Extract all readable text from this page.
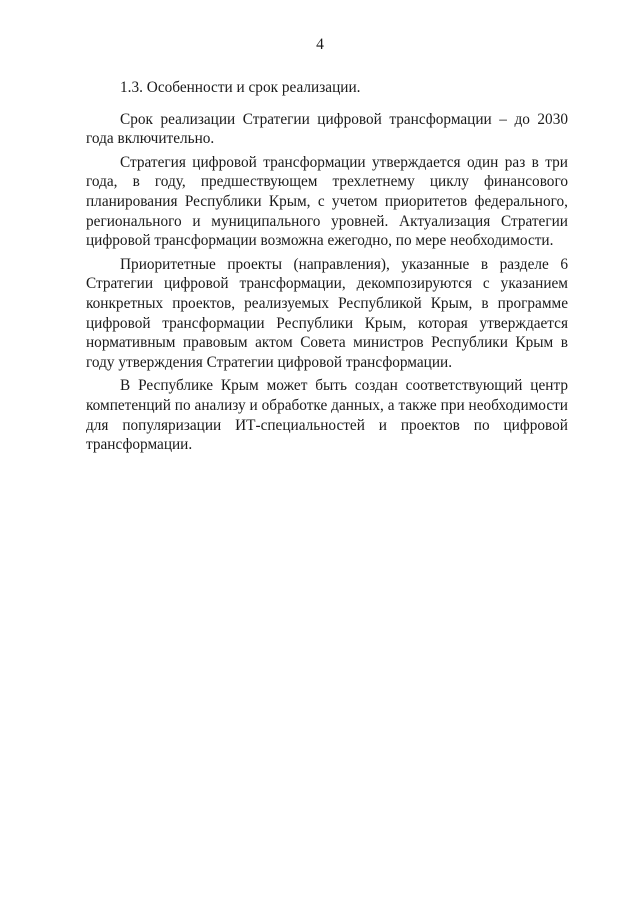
4

1.3. Особенности и срок реализации.

Срок реализации Стратегии цифровой трансформации – до 2030 года включительно.

Стратегия цифровой трансформации утверждается один раз в три года, в году, предшествующем трехлетнему циклу финансового планирования Республики Крым, с учетом приоритетов федерального, регионального и муниципального уровней. Актуализация Стратегии цифровой трансформации возможна ежегодно, по мере необходимости.

Приоритетные проекты (направления), указанные в разделе 6 Стратегии цифровой трансформации, декомпозируются с указанием конкретных проектов, реализуемых Республикой Крым, в программе цифровой трансформации Республики Крым, которая утверждается нормативным правовым актом Совета министров Республики Крым в году утверждения Стратегии цифровой трансформации.

В Республике Крым может быть создан соответствующий центр компетенций по анализу и обработке данных, а также при необходимости для популяризации ИТ-специальностей и проектов по цифровой трансформации.
